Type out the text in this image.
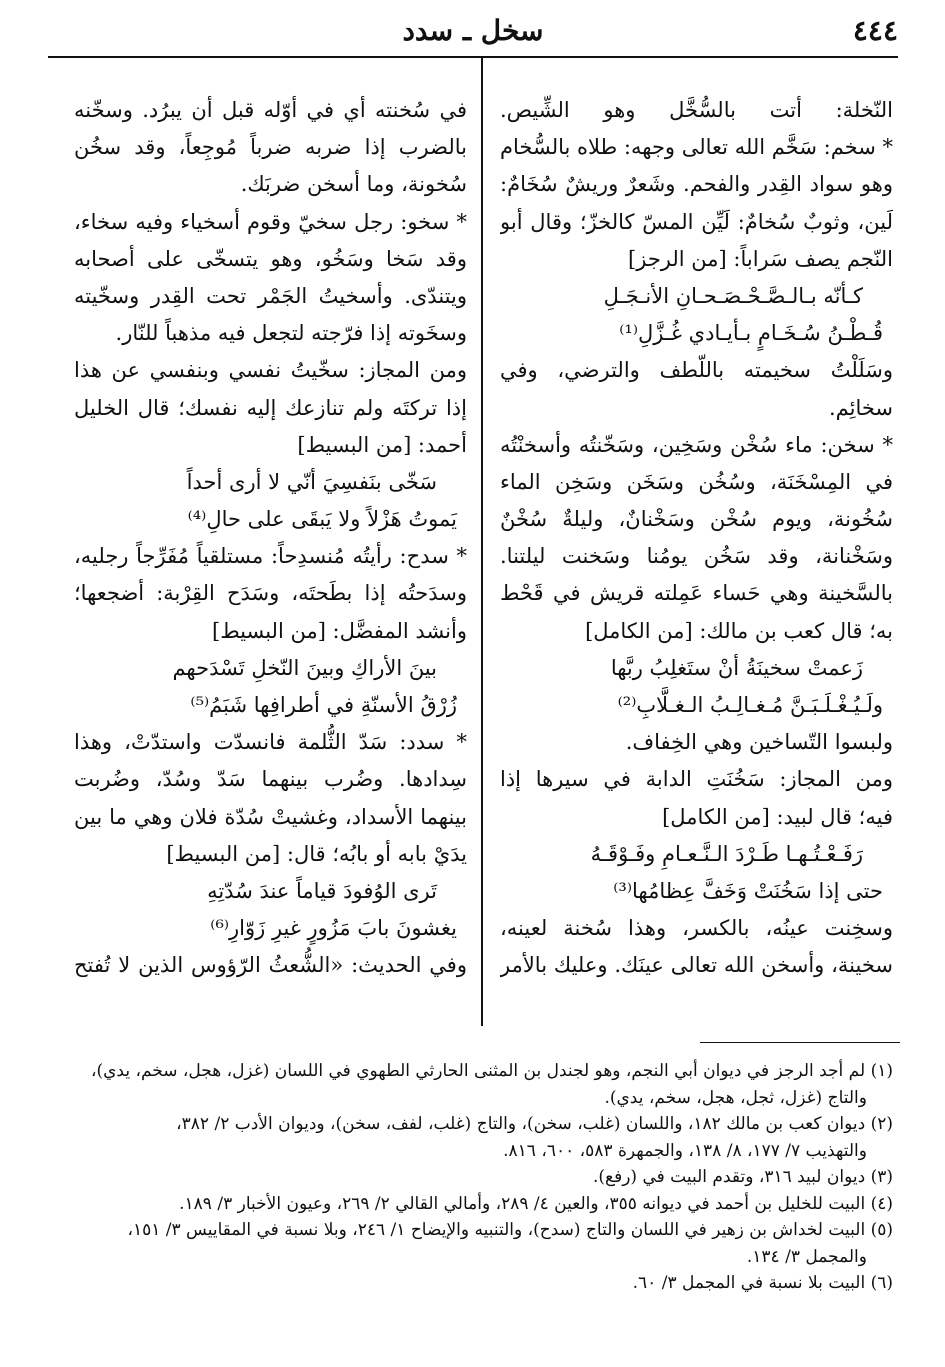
٤٤٤
سخل ـ سدد
النّخلة: أتت بالسُّخَّل وهو الشِّيص.
* سخم: سَخَّم الله تعالى وجهه: طلاه بالسُّخام
وهو سواد القِدر والفحم. وشَعرٌ وريشٌ سُخَامٌ:
لَين، وثوبٌ سُخامٌ: لَيِّن المسّ كالخزّ؛ وقال أبو
النّجم يصف سَراباً: [من الرجز]
كـأنّه بـالـصَّـحْـصَـحـانِ الأنـجَـلِ
قُـطْـنُ سُـخَـامٍ بـأيـادي غُـزَّلِ⁽¹⁾
وسَلَلْتُ سخيمته باللّطف والترضي، وفي
سخائِم.
* سخن: ماء سُخْن وسَخِين، وسَخّنتُه وأسخنْتُه
في المِسْخَنَة، وسُخُن وسَخَن وسَخِن الماء
سُخُونة، ويوم سُخْن وسَخْنانٌ، وليلةٌ سُخْنٌ
وسَخْنانة، وقد سَخُن يومُنا وسَخنت ليلتنا.
بالسَّخينة وهي حَساء عَمِلته قريش في قَحْط
به؛ قال كعب بن مالك: [من الكامل]
زَعمتْ سخينَةُ أنْ ستَغلِبُ ربَّها
ولَـيُـغْـلَـبَـنَّ مُـغـالِـبُ الـغـلَّابِ⁽²⁾
ولبسوا التّساخين وهي الخِفاف.
ومن المجاز: سَخُنَتِ الدابة في سيرها إذا
فيه؛ قال لبيد: [من الكامل]
رَفَـعْـتُـهـا طَـرْدَ الـنَّـعـامِ وفَـوْقَـهُ
حتى إذا سَخُنَتْ وَخَفَّ عِظامُها⁽³⁾
وسخِنت عينُه، بالكسر، وهذا سُخنة لعينه،
سخينة، وأسخن الله تعالى عينَك. وعليك بالأمر
في سُخنته أي في أوّله قبل أن يبرُد. وسخّنه
بالضرب إذا ضربه ضرباً مُوجِعاً، وقد سخُن
سُخونة، وما أسخن ضربَك.
* سخو: رجل سخيّ وقوم أسخياء وفيه سخاء،
وقد سَخا وسَخُو، وهو يتسخّى على أصحابه
ويتندّى. وأسخيتُ الجَمْر تحت القِدر وسخّيته
وسخَوته إذا فرّجته لتجعل فيه مذهباً للنّار.
ومن المجاز: سخّيتُ نفسي وبنفسي عن هذا
إذا تركتَه ولم تنازعك إليه نفسك؛ قال الخليل
أحمد: [من البسيط]
سَخّى بنَفسِيَ أنّي لا أرى أحداً
يَموتُ هَزْلاً ولا يَبقَى على حالِ⁽⁴⁾
* سدح: رأيتُه مُنسدِحاً: مستلقياً مُفَرِّجاً رجليه،
وسدَحتُه إذا بطَحتَه، وسَدَح القِرْبة: أضجعها؛
وأنشد المفضَّل: [من البسيط]
بينَ الأراكِ وبينَ النّخلِ تَسْدَحهم
زُرْقُ الأسنّةِ في أطرافِها شَبَمُ⁽⁵⁾
* سدد: سَدّ الثُّلمة فانسدّت واستدّتْ، وهذا
سِدادها. وضُرب بينهما سَدّ وسُدّ، وضُربت
بينهما الأسداد، وغشيتْ سُدّة فلان وهي ما بين
يدَيْ بابه أو بابُه؛ قال: [من البسيط]
تَرى الوُفودَ قياماً عندَ سُدّتِهِ
يغشونَ بابَ مَزُورٍ غيرِ زَوّارِ⁽⁶⁾
وفي الحديث: «الشُّعثُ الرّؤوس الذين لا تُفتح
(١) لم أجد الرجز في ديوان أبي النجم، وهو لجندل بن المثنى الحارثي الطهوي في اللسان (غزل، هجل، سخم، يدي)،
والتاج (غزل، ثجل، هجل، سخم، يدي).
(٢) ديوان كعب بن مالك ١٨٢، واللسان (غلب، سخن)، والتاج (غلب، لفف، سخن)، وديوان الأدب ٢/ ٣٨٢،
والتهذيب ٧/ ١٧٧، ٨/ ١٣٨، والجمهرة ٥٨٣، ٦٠٠، ٨١٦.
(٣) ديوان لبيد ٣١٦، وتقدم البيت في (رفع).
(٤) البيت للخليل بن أحمد في ديوانه ٣٥٥، والعين ٤/ ٢٨٩، وأمالي القالي ٢/ ٢٦٩، وعيون الأخبار ٣/ ١٨٩.
(٥) البيت لخداش بن زهير في اللسان والتاج (سدح)، والتنبيه والإيضاح ١/ ٢٤٦، وبلا نسبة في المقاييس ٣/ ١٥١،
والمجمل ٣/ ١٣٤.
(٦) البيت بلا نسبة في المجمل ٣/ ٦٠.
